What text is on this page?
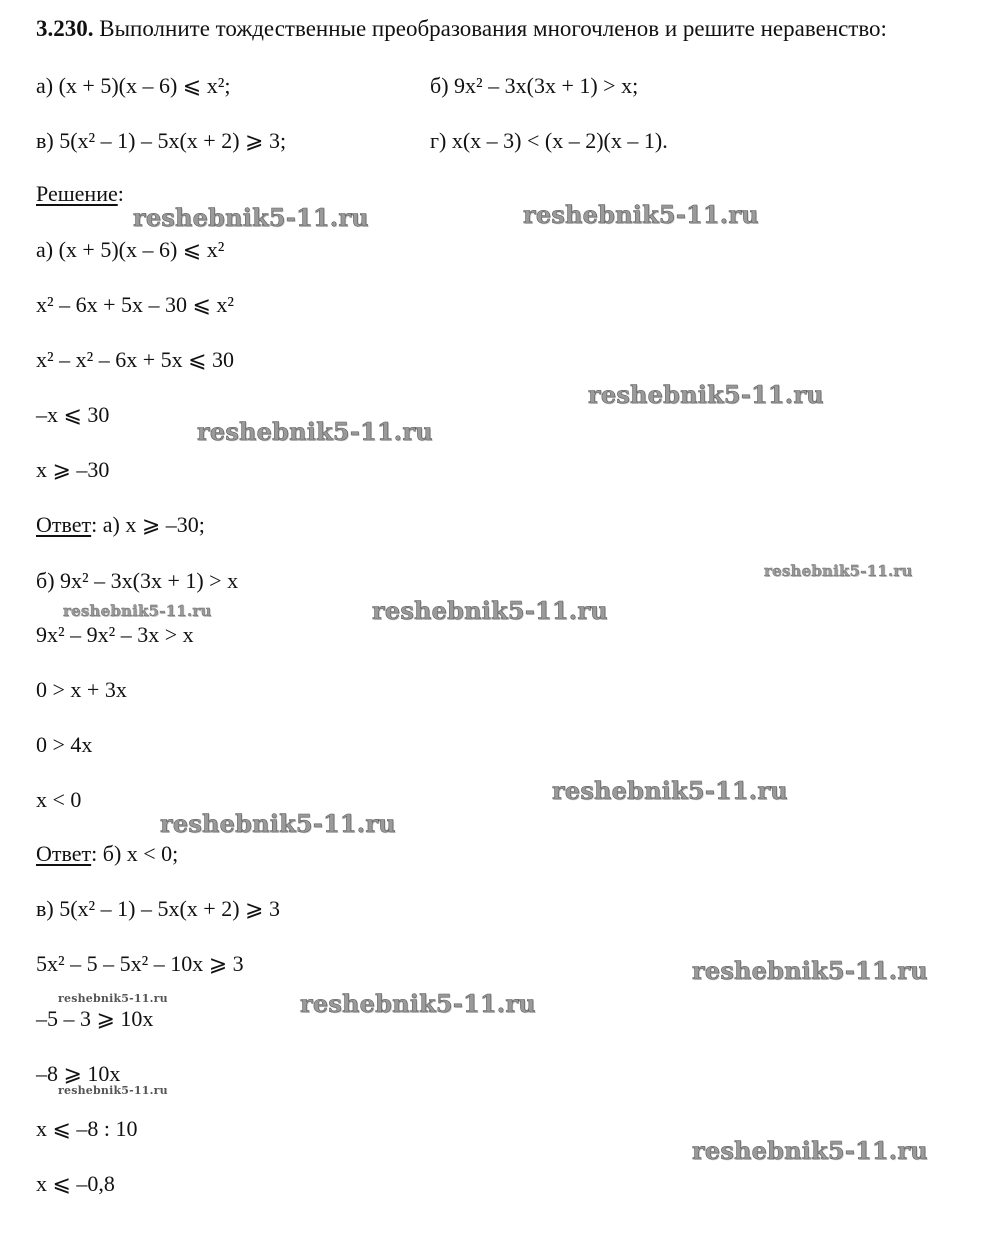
3.230. Выполните тождественные преобразования многочленов и решите неравенство:
а) (x + 5)(x – 6) ⩽ x²;	б) 9x² – 3x(3x + 1) > x;
в) 5(x² – 1) – 5x(x + 2) ⩾ 3;	г) x(x – 3) < (x – 2)(x – 1).
Решение:
а) (x + 5)(x – 6) ⩽ x²
x² – 6x + 5x – 30 ⩽ x²
x² – x² – 6x + 5x ⩽ 30
–x ⩽ 30
x ⩾ –30
Ответ: а) x ⩾ –30;
б) 9x² – 3x(3x + 1) > x
9x² – 9x² – 3x > x
0 > x + 3x
0 > 4x
x < 0
Ответ: б) x < 0;
в) 5(x² – 1) – 5x(x + 2) ⩾ 3
5x² – 5 – 5x² – 10x ⩾ 3
–5 – 3 ⩾ 10x
–8 ⩾ 10x
x ⩽ –8 : 10
x ⩽ –0,8
reshebnik5-11.ru	reshebnik5-11.ru
reshebnik5-11.ru
reshebnik5-11.ru
reshebnik5-11.ru
reshebnik5-11.ru	reshebnik5-11.ru
reshebnik5-11.ru
reshebnik5-11.ru
reshebnik5-11.ru
reshebnik5-11.ru	reshebnik5-11.ru
reshebnik5-11.ru
reshebnik5-11.ru
